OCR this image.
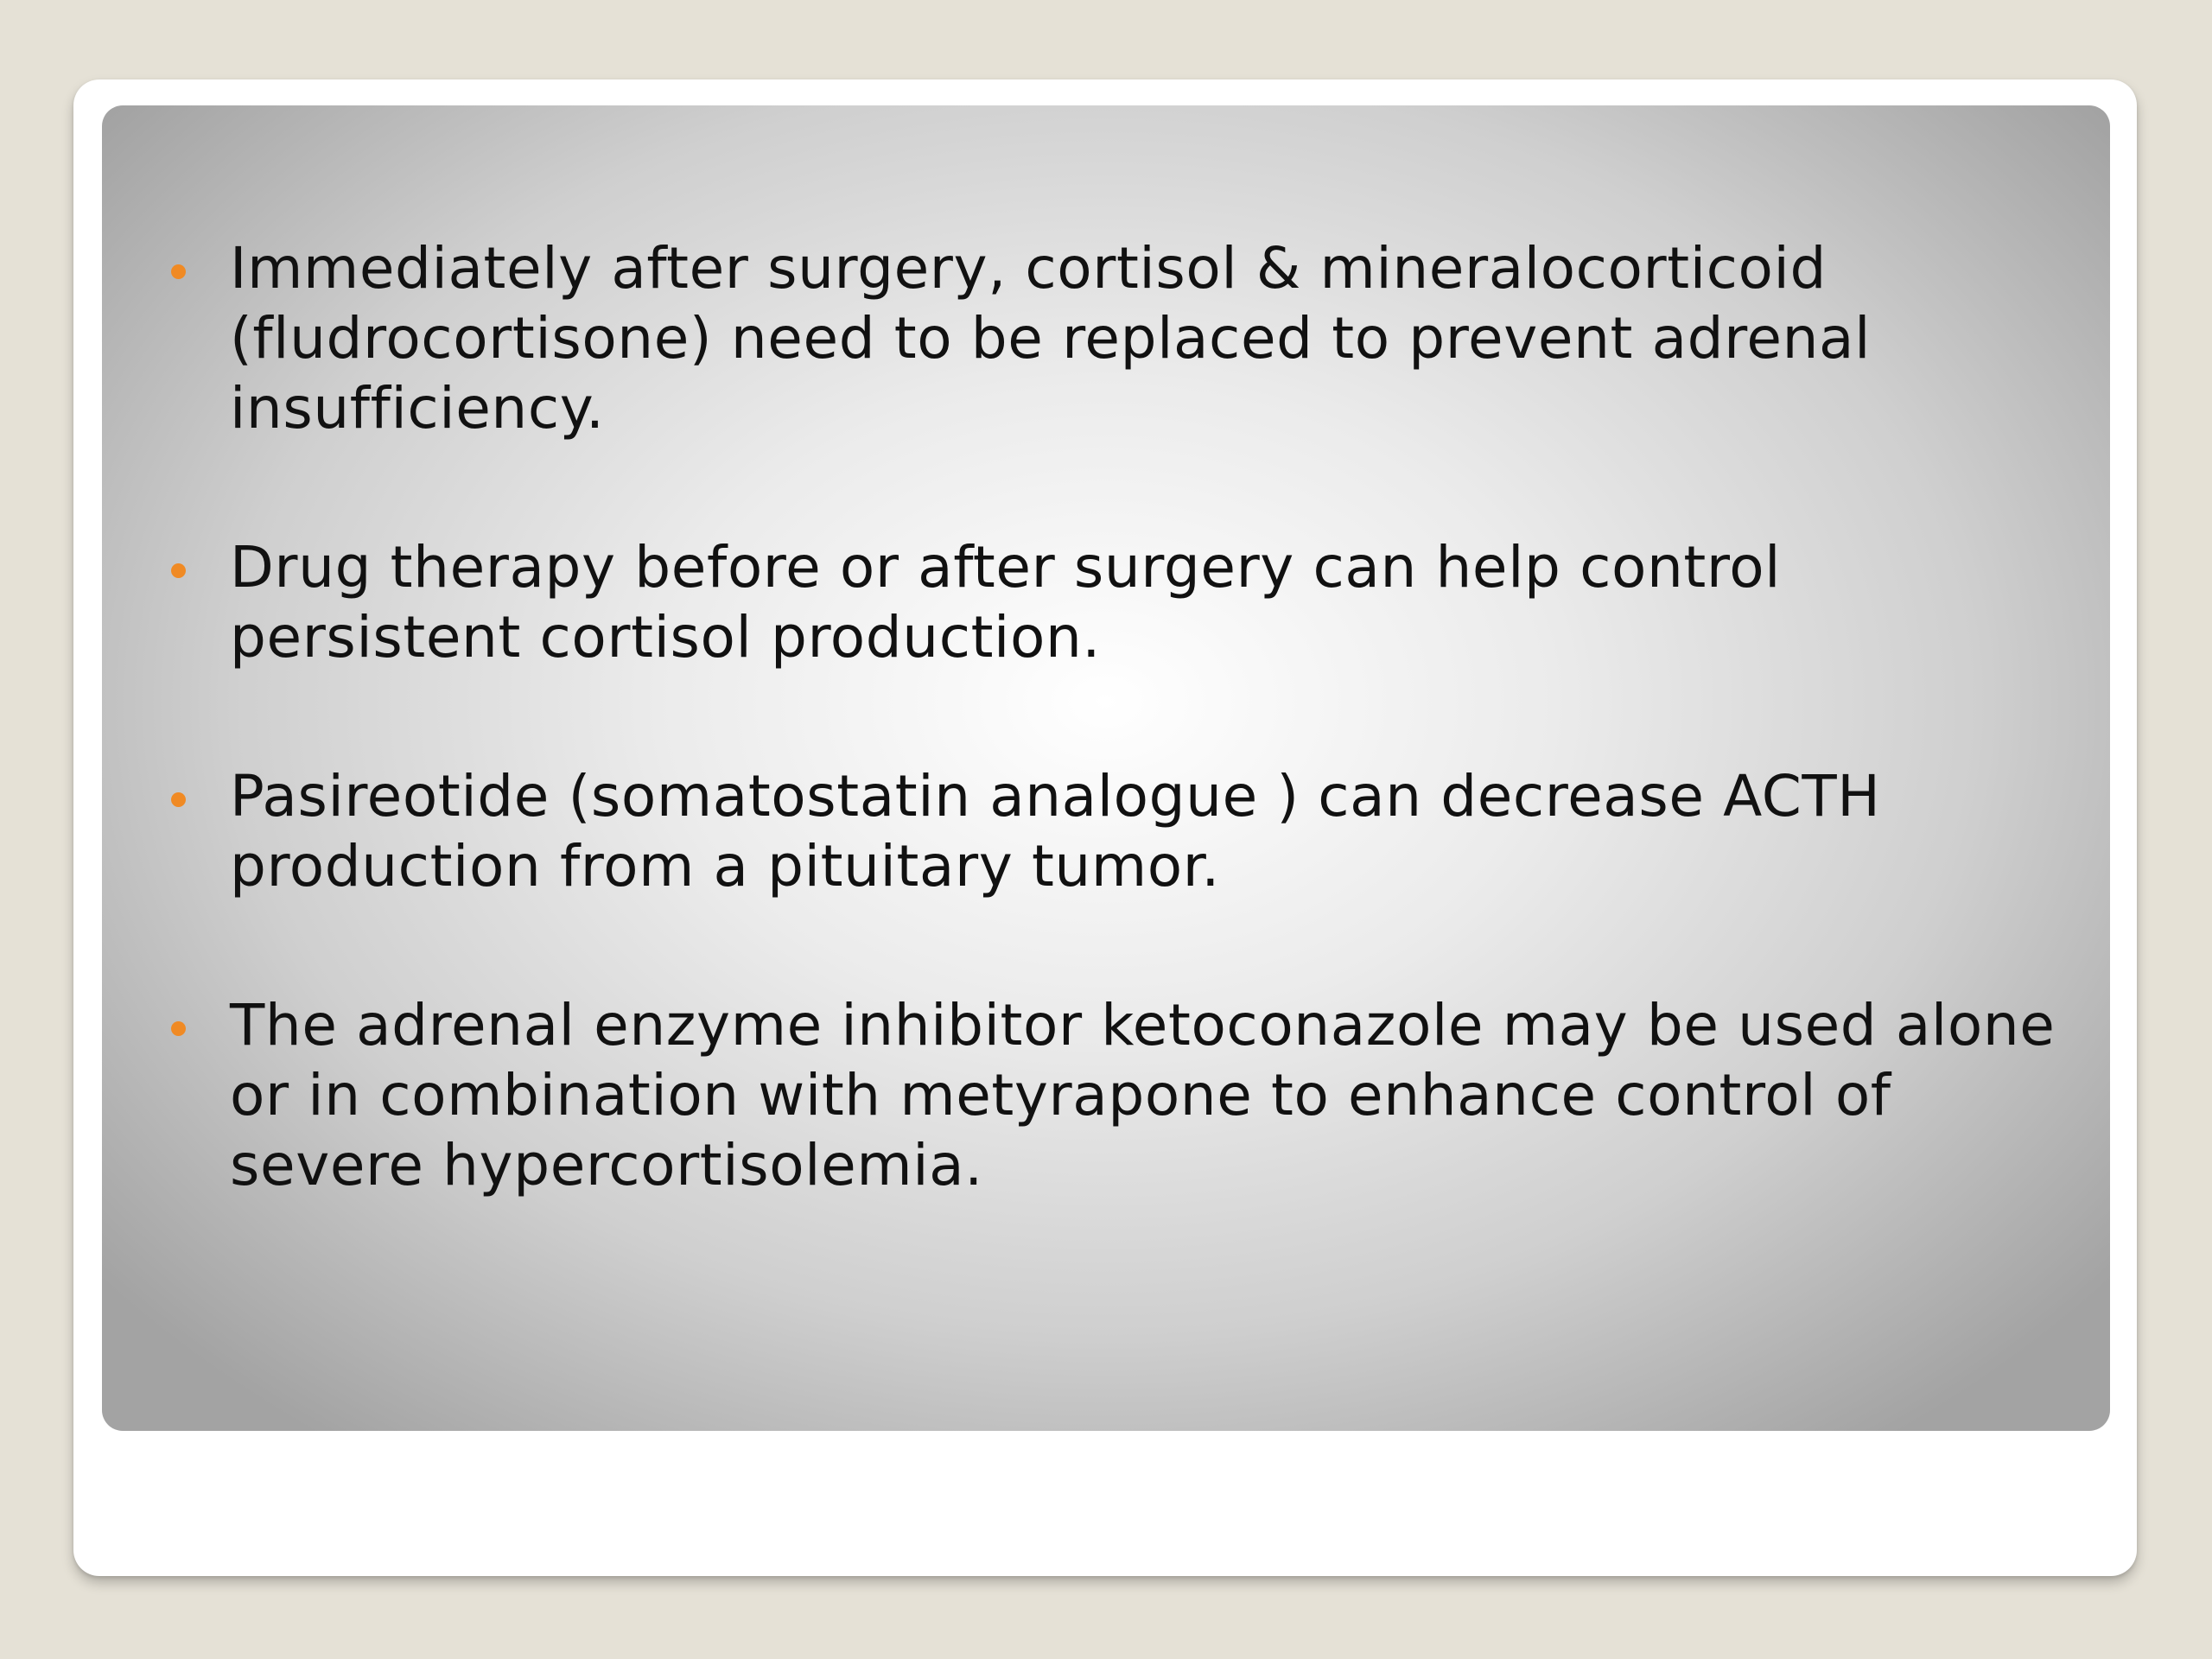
Immediately after surgery, cortisol & mineralocorticoid
(fludrocortisone) need to be replaced to prevent adrenal
insufficiency.
Drug therapy before or after surgery can help control
persistent cortisol production.
Pasireotide (somatostatin analogue ) can decrease ACTH
production from a pituitary tumor.
The adrenal enzyme inhibitor ketoconazole may be used alone
or in combination with metyrapone to enhance control of
severe hypercortisolemia.
